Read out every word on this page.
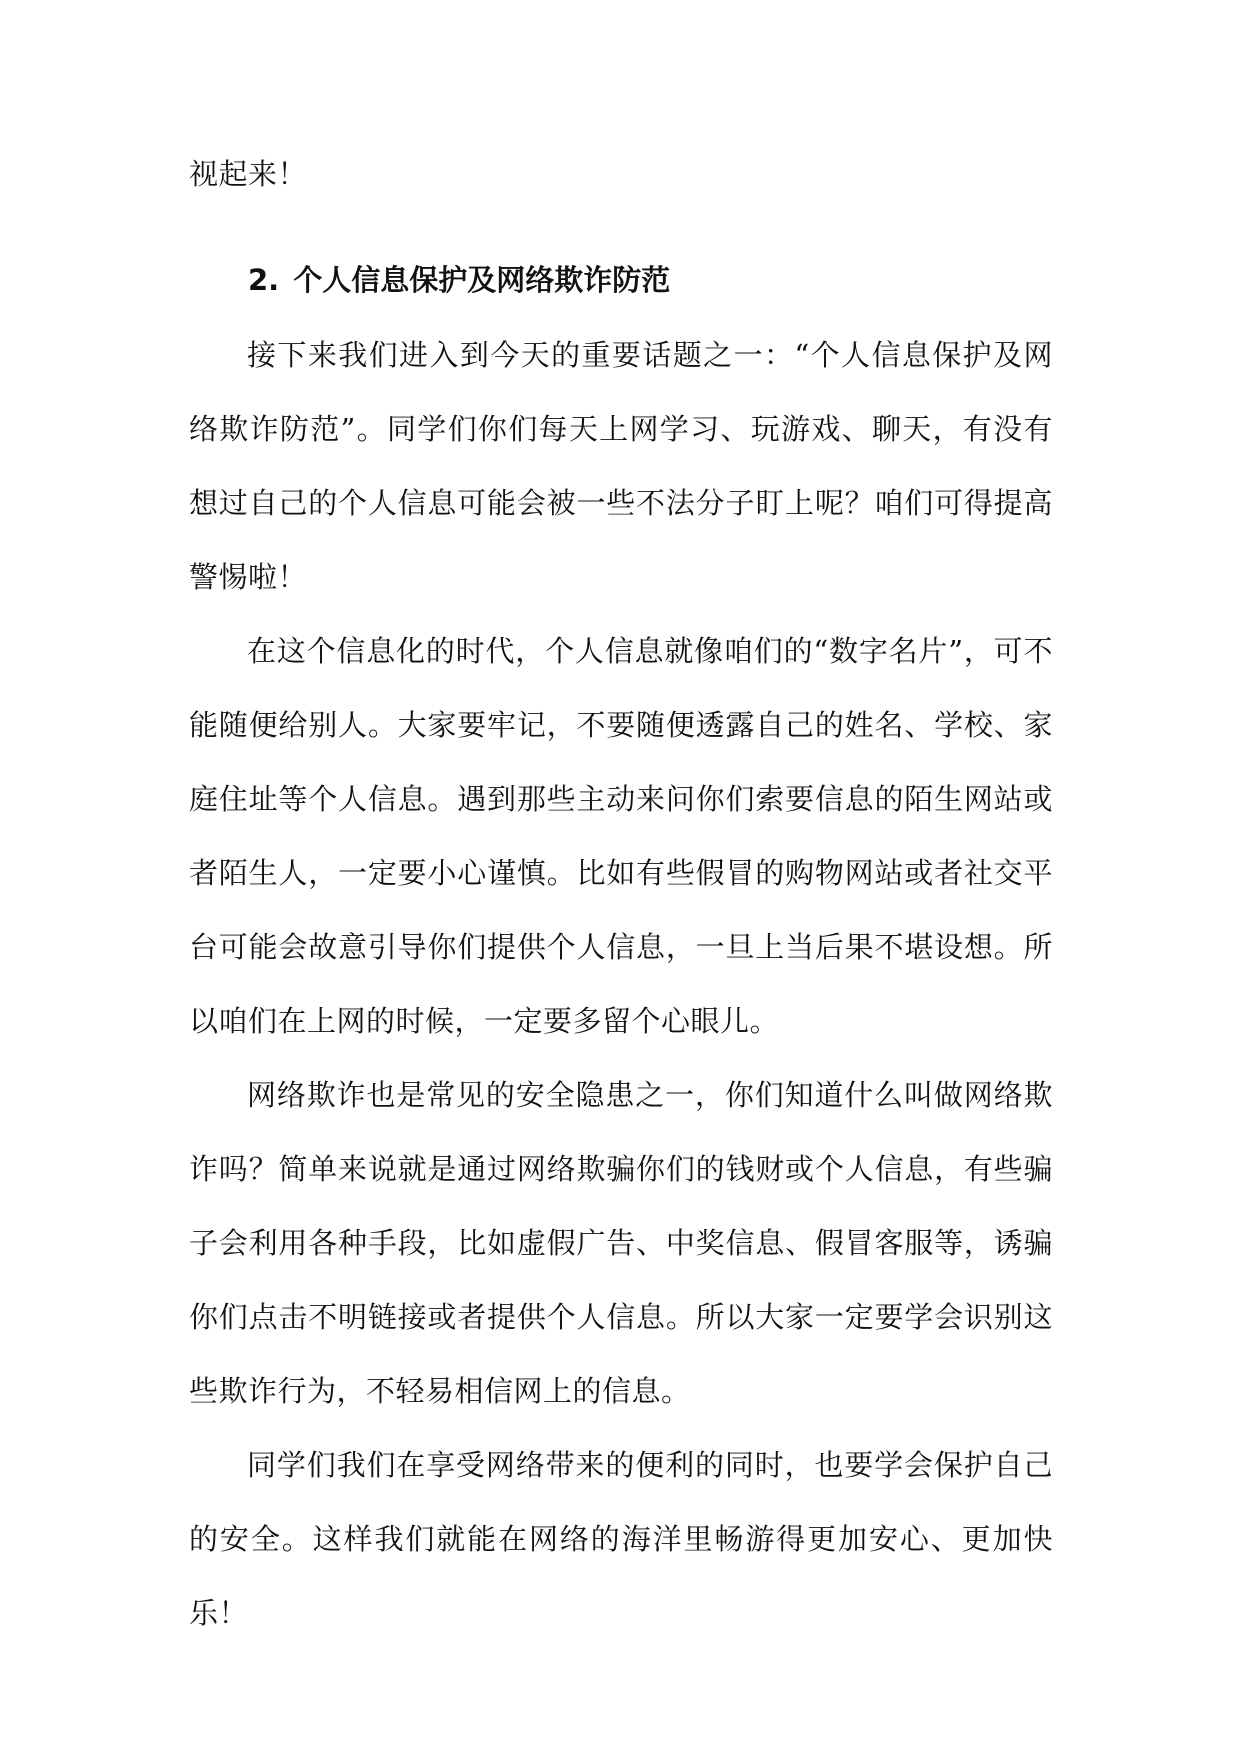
视起来！
2. 个人信息保护及网络欺诈防范

接下来我们进入到今天的重要话题之一：“个人信息保护及网络欺诈防范”。同学们你们每天上网学习、玩游戏、聊天，有没有想过自己的个人信息可能会被一些不法分子盯上呢？咱们可得提高警惕啦！

在这个信息化的时代，个人信息就像咱们的“数字名片”，可不能随便给别人。大家要牢记，不要随便透露自己的姓名、学校、家庭住址等个人信息。遇到那些主动来问你们索要信息的陌生网站或者陌生人，一定要小心谨慎。比如有些假冒的购物网站或者社交平台可能会故意引导你们提供个人信息，一旦上当后果不堪设想。所以咱们在上网的时候，一定要多留个心眼儿。

网络欺诈也是常见的安全隐患之一，你们知道什么叫做网络欺诈吗？简单来说就是通过网络欺骗你们的钱财或个人信息，有些骗子会利用各种手段，比如虚假广告、中奖信息、假冒客服等，诱骗你们点击不明链接或者提供个人信息。所以大家一定要学会识别这些欺诈行为，不轻易相信网上的信息。

同学们我们在享受网络带来的便利的同时，也要学会保护自己的安全。这样我们就能在网络的海洋里畅游得更加安心、更加快乐！
